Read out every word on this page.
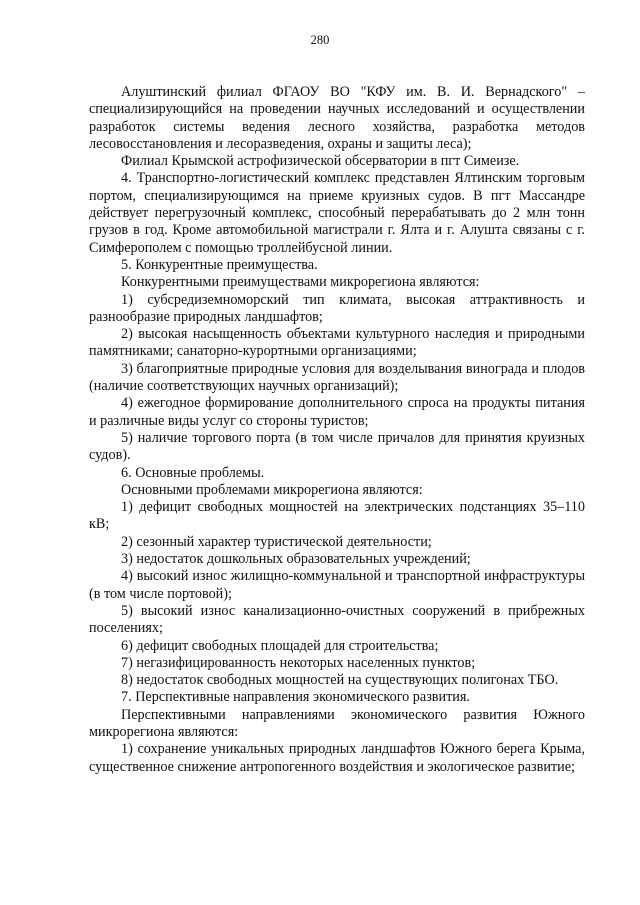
280

Алуштинский филиал ФГАОУ ВО "КФУ им. В. И. Вернадского" – специализирующийся на проведении научных исследований и осуществлении разработок системы ведения лесного хозяйства, разработка методов лесовосстановления и лесоразведения, охраны и защиты леса);

Филиал Крымской астрофизической обсерватории в пгт Симеизе.

4. Транспортно-логистический комплекс представлен Ялтинским торговым портом, специализирующимся на приеме круизных судов. В пгт Массандре действует перегрузочный комплекс, способный перерабатывать до 2 млн тонн грузов в год. Кроме автомобильной магистрали г. Ялта и г. Алушта связаны с г. Симферополем с помощью троллейбусной линии.

5. Конкурентные преимущества.

Конкурентными преимуществами микрорегиона являются:

1) субсредиземноморский тип климата, высокая аттрактивность и разнообразие природных ландшафтов;

2) высокая насыщенность объектами культурного наследия и природными памятниками; санаторно-курортными организациями;

3) благоприятные природные условия для возделывания винограда и плодов (наличие соответствующих научных организаций);

4) ежегодное формирование дополнительного спроса на продукты питания и различные виды услуг со стороны туристов;

5) наличие торгового порта (в том числе причалов для принятия круизных судов).

6. Основные проблемы.

Основными проблемами микрорегиона являются:

1) дефицит свободных мощностей на электрических подстанциях 35–110 кВ;

2) сезонный характер туристической деятельности;

3) недостаток дошкольных образовательных учреждений;

4) высокий износ жилищно-коммунальной и транспортной инфраструктуры (в том числе портовой);

5) высокий износ канализационно-очистных сооружений в прибрежных поселениях;

6) дефицит свободных площадей для строительства;

7) негазифицированность некоторых населенных пунктов;

8) недостаток свободных мощностей на существующих полигонах ТБО.

7. Перспективные направления экономического развития.

Перспективными направлениями экономического развития Южного микрорегиона являются:

1) сохранение уникальных природных ландшафтов Южного берега Крыма, существенное снижение антропогенного воздействия и экологическое развитие;
